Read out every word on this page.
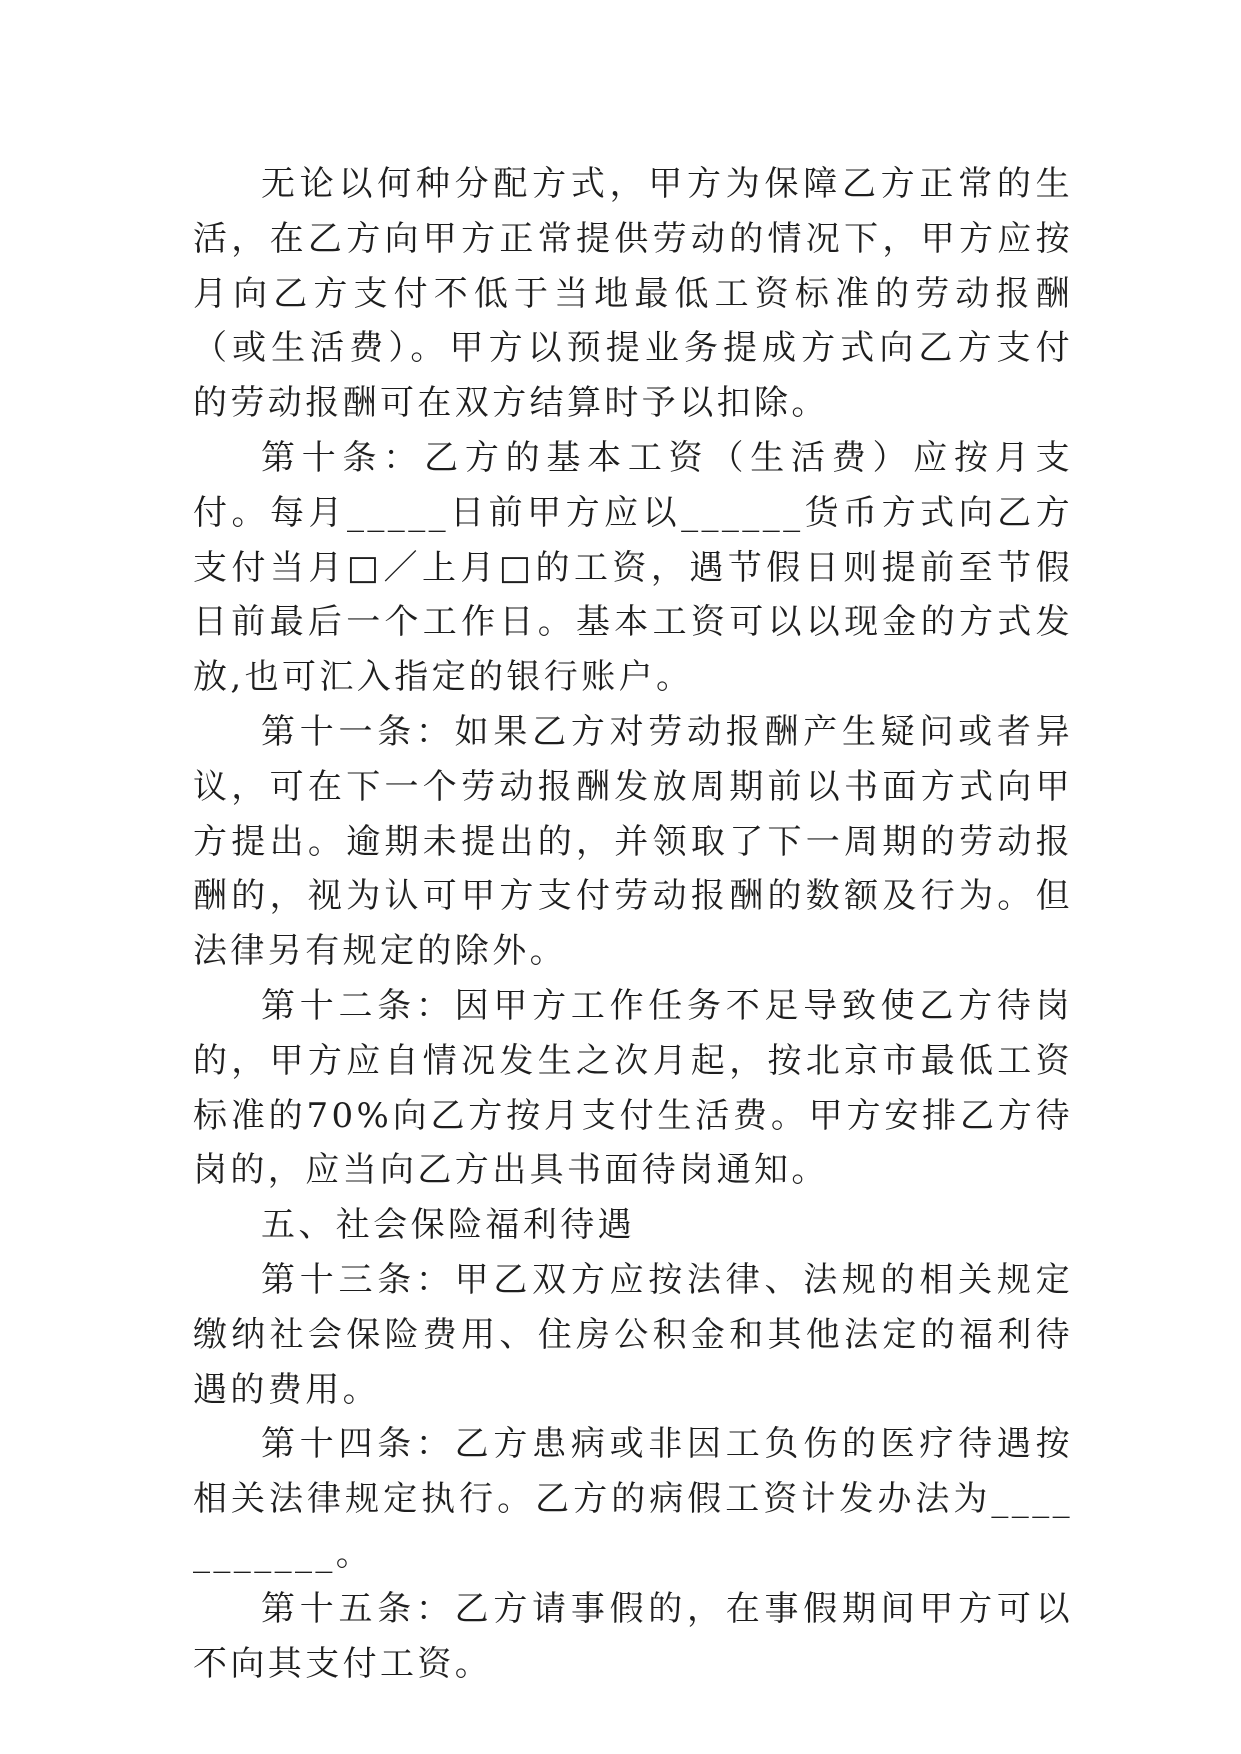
无论以何种分配方式，甲方为保障乙方正常的生活，在乙方向甲方正常提供劳动的情况下，甲方应按月向乙方支付不低于当地最低工资标准的劳动报酬（或生活费）。甲方以预提业务提成方式向乙方支付的劳动报酬可在双方结算时予以扣除。

第十条：乙方的基本工资（生活费）应按月支付。每月_____日前甲方应以______货币方式向乙方支付当月□／上月□的工资，遇节假日则提前至节假日前最后一个工作日。基本工资可以以现金的方式发放,也可汇入指定的银行账户。

第十一条：如果乙方对劳动报酬产生疑问或者异议，可在下一个劳动报酬发放周期前以书面方式向甲方提出。逾期未提出的，并领取了下一周期的劳动报酬的，视为认可甲方支付劳动报酬的数额及行为。但法律另有规定的除外。

第十二条：因甲方工作任务不足导致使乙方待岗的，甲方应自情况发生之次月起，按北京市最低工资标准的70%向乙方按月支付生活费。甲方安排乙方待岗的，应当向乙方出具书面待岗通知。

五、社会保险福利待遇

第十三条：甲乙双方应按法律、法规的相关规定缴纳社会保险费用、住房公积金和其他法定的福利待遇的费用。

第十四条：乙方患病或非因工负伤的医疗待遇按相关法律规定执行。乙方的病假工资计发办法为___________。

第十五条：乙方请事假的，在事假期间甲方可以不向其支付工资。
